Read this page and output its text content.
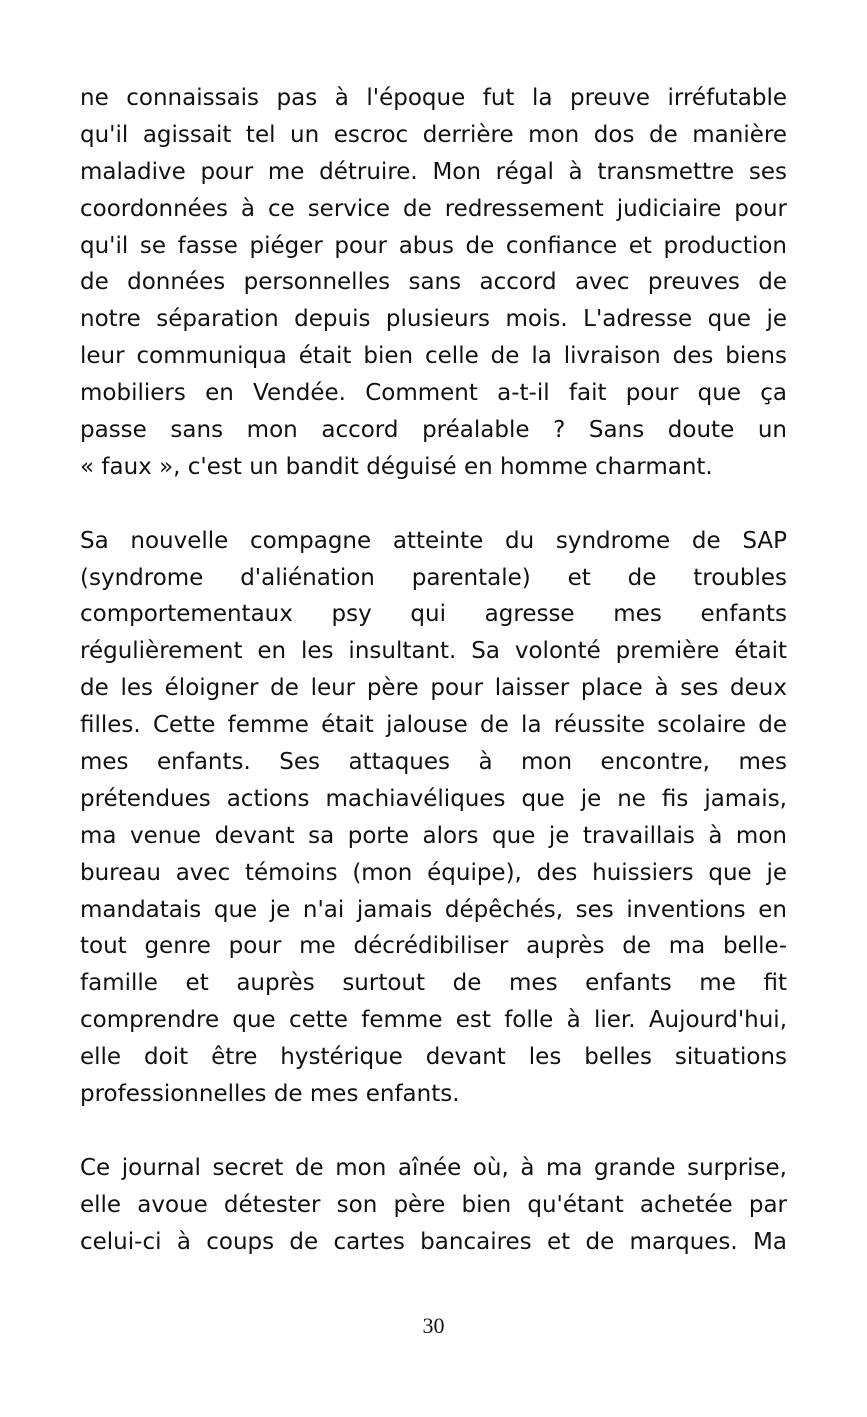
ne connaissais pas à l'époque fut la preuve irréfutable
qu'il agissait tel un escroc derrière mon dos de manière
maladive pour me détruire. Mon régal à transmettre ses
coordonnées à ce service de redressement judiciaire pour
qu'il se fasse piéger pour abus de confiance et production
de données personnelles sans accord avec preuves de
notre séparation depuis plusieurs mois. L'adresse que je
leur communiqua était bien celle de la livraison des biens
mobiliers en Vendée. Comment a-t-il fait pour que ça
passe sans mon accord préalable ? Sans doute un
« faux », c'est un bandit déguisé en homme charmant.
Sa nouvelle compagne atteinte du syndrome de SAP
(syndrome d'aliénation parentale) et de troubles
comportementaux psy qui agresse mes enfants
régulièrement en les insultant. Sa volonté première était
de les éloigner de leur père pour laisser place à ses deux
filles. Cette femme était jalouse de la réussite scolaire de
mes enfants. Ses attaques à mon encontre, mes
prétendues actions machiavéliques que je ne fis jamais,
ma venue devant sa porte alors que je travaillais à mon
bureau avec témoins (mon équipe), des huissiers que je
mandatais que je n'ai jamais dépêchés, ses inventions en
tout genre pour me décrédibiliser auprès de ma belle-
famille et auprès surtout de mes enfants me fit
comprendre que cette femme est folle à lier. Aujourd'hui,
elle doit être hystérique devant les belles situations
professionnelles de mes enfants.
Ce journal secret de mon aînée où, à ma grande surprise,
elle avoue détester son père bien qu'étant achetée par
celui-ci à coups de cartes bancaires et de marques. Ma
30
